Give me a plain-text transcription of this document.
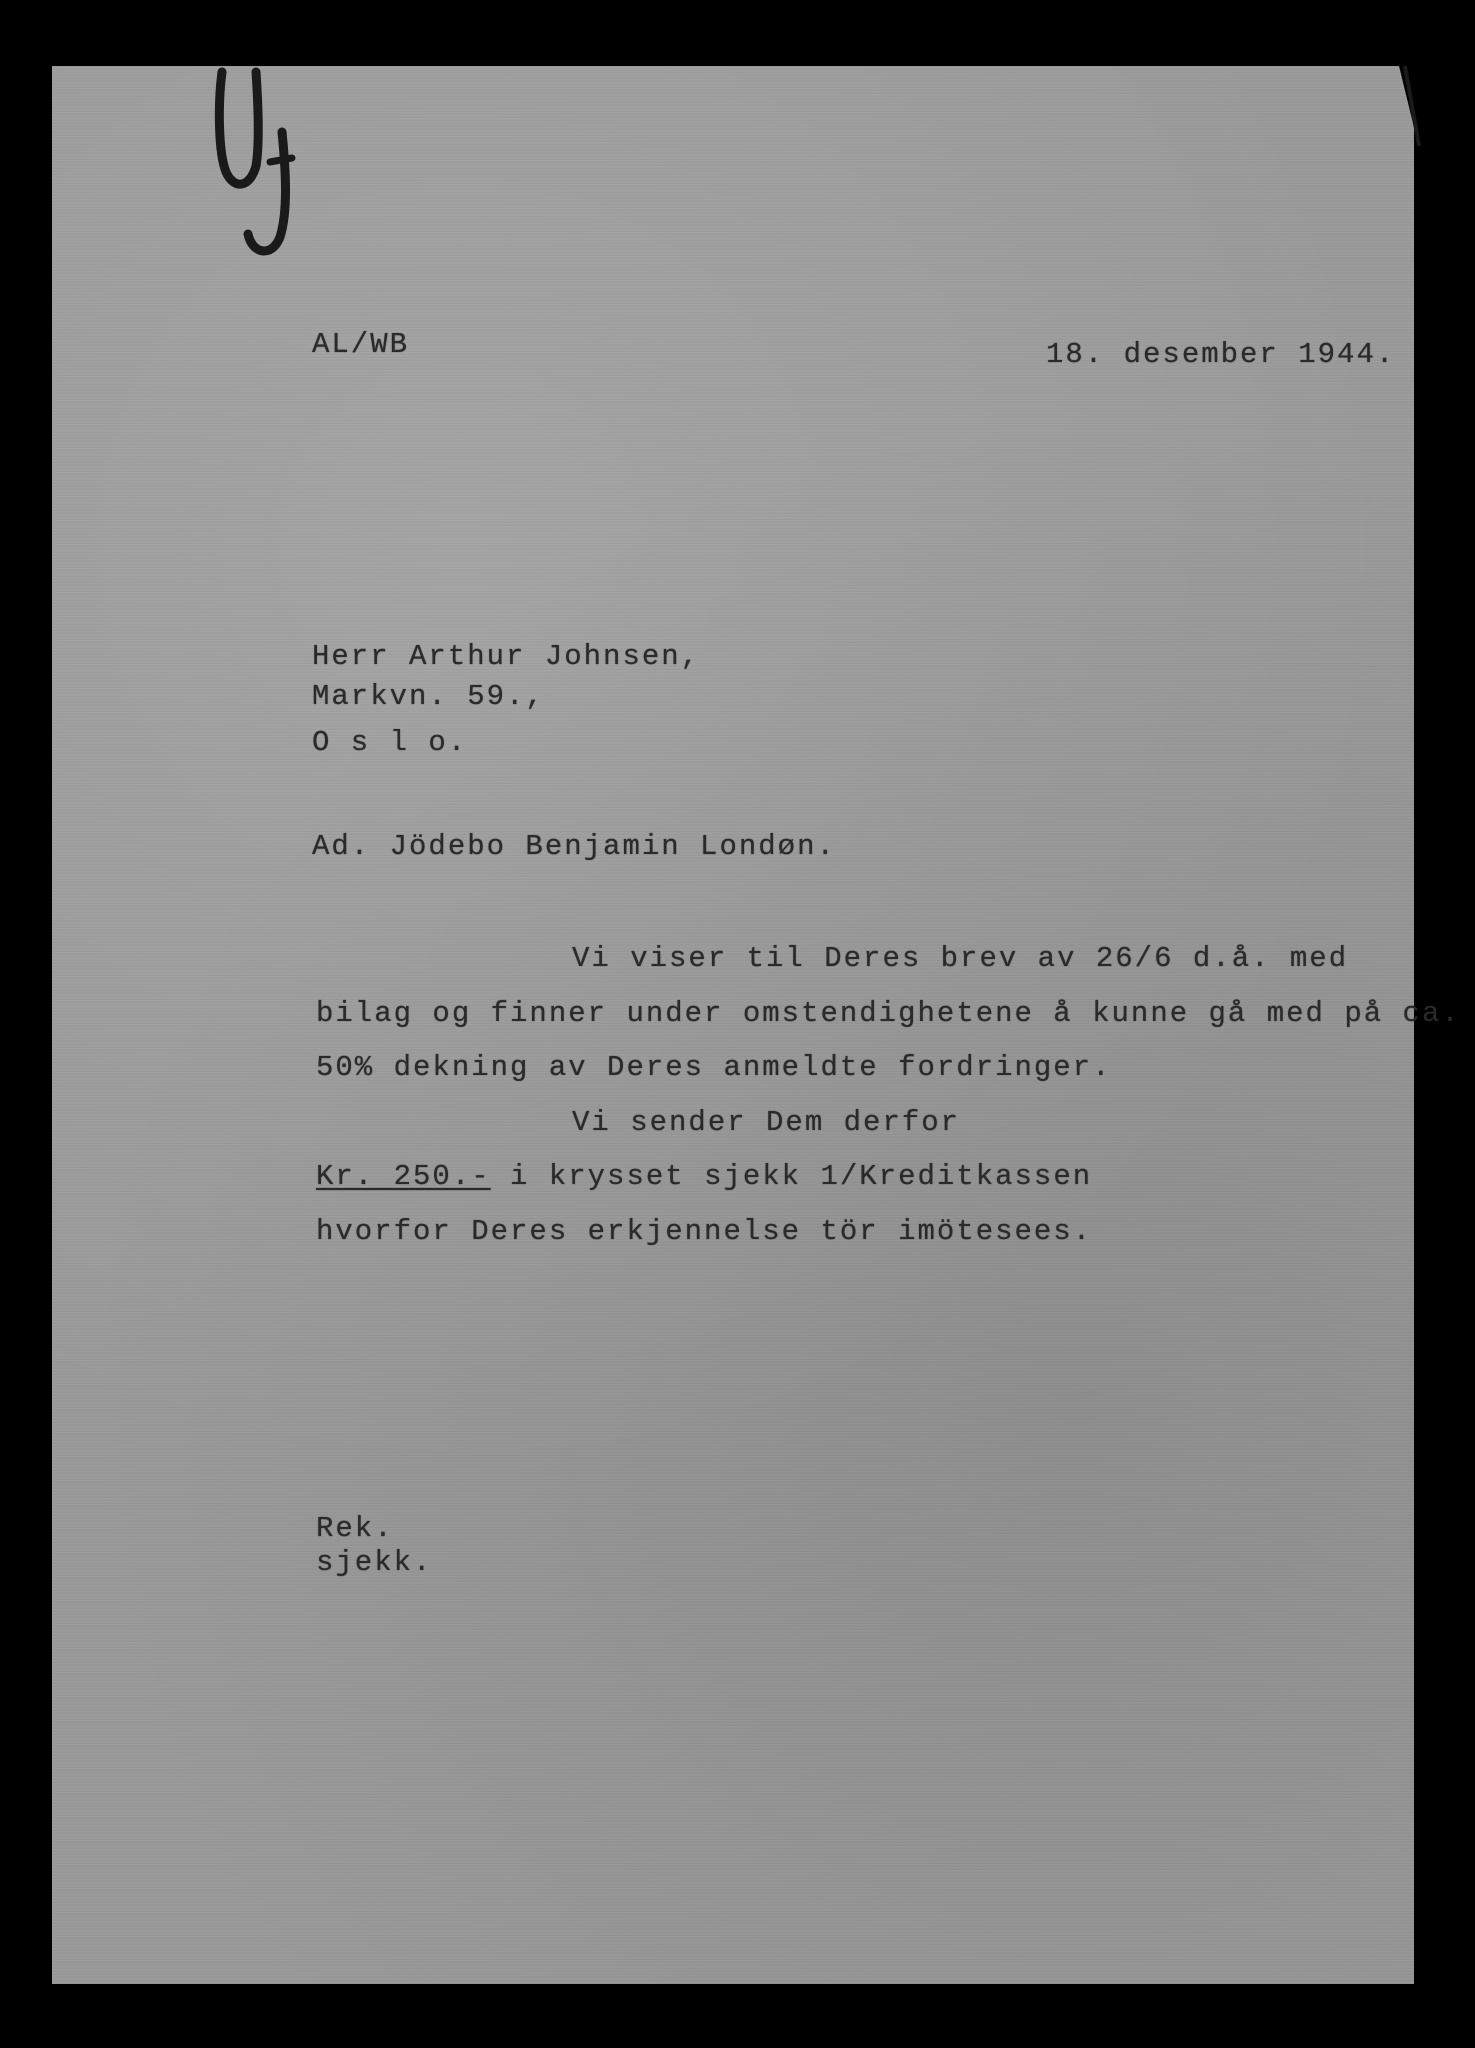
AL/WB	18. desember 1944.
Herr Arthur Johnsen,
Markvn. 59.,
O s l o.
Ad. Jödebo Benjamin Londøn.
Vi viser til Deres brev av 26/6 d.å. med
bilag og finner under omstendighetene å kunne gå med på ca.
50% dekning av Deres anmeldte fordringer.
Vi sender Dem derfor
Kr. 250.- i krysset sjekk 1/Kreditkassen
hvorfor Deres erkjennelse tör imötesees.
Rek.
sjekk.
